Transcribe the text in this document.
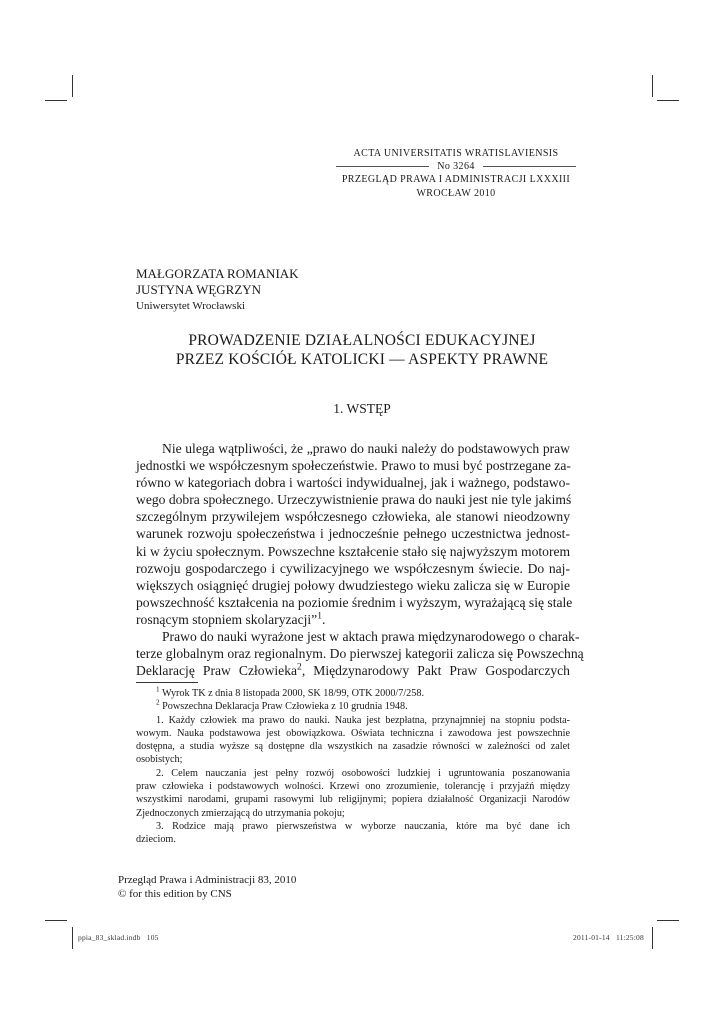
ACTA UNIVERSITATIS WRATISLAVIENSIS
No 3264
PRZEGLĄD PRAWA I ADMINISTRACJI LXXXIII
WROCŁAW 2010
MAŁGORZATA ROMANIAK
JUSTYNA WĘGRZYN
Uniwersytet Wrocławski
PROWADZENIE DZIAŁALNOŚCI EDUKACYJNEJ
PRZEZ KOŚCIÓŁ KATOLICKI — ASPEKTY PRAWNE
1. WSTĘP
Nie ulega wątpliwości, że „prawo do nauki należy do podstawowych praw
jednostki we współczesnym społeczeństwie. Prawo to musi być postrzegane za-
równo w kategoriach dobra i wartości indywidualnej, jak i ważnego, podstawo-
wego dobra społecznego. Urzeczywistnienie prawa do nauki jest nie tyle jakimś
szczególnym przywilejem współczesnego człowieka, ale stanowi nieodzowny
warunek rozwoju społeczeństwa i jednocześnie pełnego uczestnictwa jednost-
ki w życiu społecznym. Powszechne kształcenie stało się najwyższym motorem
rozwoju gospodarczego i cywilizacyjnego we współczesnym świecie. Do naj-
większych osiągnięć drugiej połowy dwudziestego wieku zalicza się w Europie
powszechność kształcenia na poziomie średnim i wyższym, wyrażającą się stale
rosnącym stopniem skolaryzacji”$^1$.
Prawo do nauki wyrażone jest w aktach prawa międzynarodowego o charak-
terze globalnym oraz regionalnym. Do pierwszej kategorii zalicza się Powszechną
Deklarację Praw Człowieka$^2$, Międzynarodowy Pakt Praw Gospodarczych
$^1$ Wyrok TK z dnia 8 listopada 2000, SK 18/99, OTK 2000/7/258.
$^2$ Powszechna Deklaracja Praw Człowieka z 10 grudnia 1948.
1. Każdy człowiek ma prawo do nauki. Nauka jest bezpłatna, przynajmniej na stopniu podsta-
wowym. Nauka podstawowa jest obowiązkowa. Oświata techniczna i zawodowa jest powszechnie
dostępna, a studia wyższe są dostępne dla wszystkich na zasadzie równości w zależności od zalet
osobistych;
2. Celem nauczania jest pełny rozwój osobowości ludzkiej i ugruntowania poszanowania
praw człowieka i podstawowych wolności. Krzewi ono zrozumienie, tolerancję i przyjaźń między
wszystkimi narodami, grupami rasowymi lub religijnymi; popiera działalność Organizacji Narodów
Zjednoczonych zmierzającą do utrzymania pokoju;
3. Rodzice mają prawo pierwszeństwa w wyborze nauczania, które ma być dane ich
dzieciom.
Przegląd Prawa i Administracji 83, 2010
© for this edition by CNS
ppia_83_sklad.indb   105	2011-01-14   11:25:08
